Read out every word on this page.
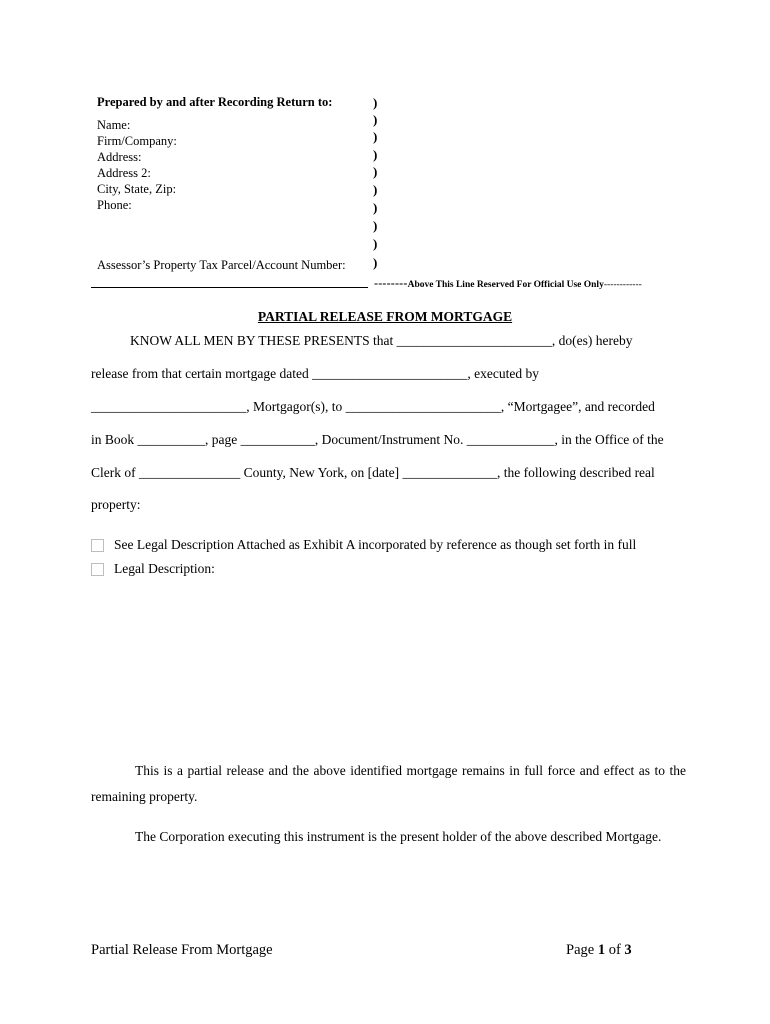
Prepared by and after Recording Return to:
Name:
Firm/Company:
Address:
Address 2:
City, State, Zip:
Phone:
)
)
)
)
)
)
)
)
)
)
Assessor’s Property Tax Parcel/Account Number:
--------Above This Line Reserved For Official Use Only------------
PARTIAL RELEASE FROM MORTGAGE
KNOW ALL MEN BY THESE PRESENTS that _______________________, do(es) hereby
release from that certain mortgage dated _______________________, executed by
_______________________, Mortgagor(s), to _______________________, “Mortgagee”, and recorded
in Book __________, page ___________, Document/Instrument No. _____________, in the Office of the
Clerk of _______________ County, New York, on [date] ______________, the following described real
property:
See Legal Description Attached as Exhibit A incorporated by reference as though set forth in full
Legal Description:
This is a partial release and the above identified mortgage remains in full force and effect as to the remaining property.
The Corporation executing this instrument is the present holder of the above described Mortgage.
Partial Release From Mortgage	Page 1 of 3
